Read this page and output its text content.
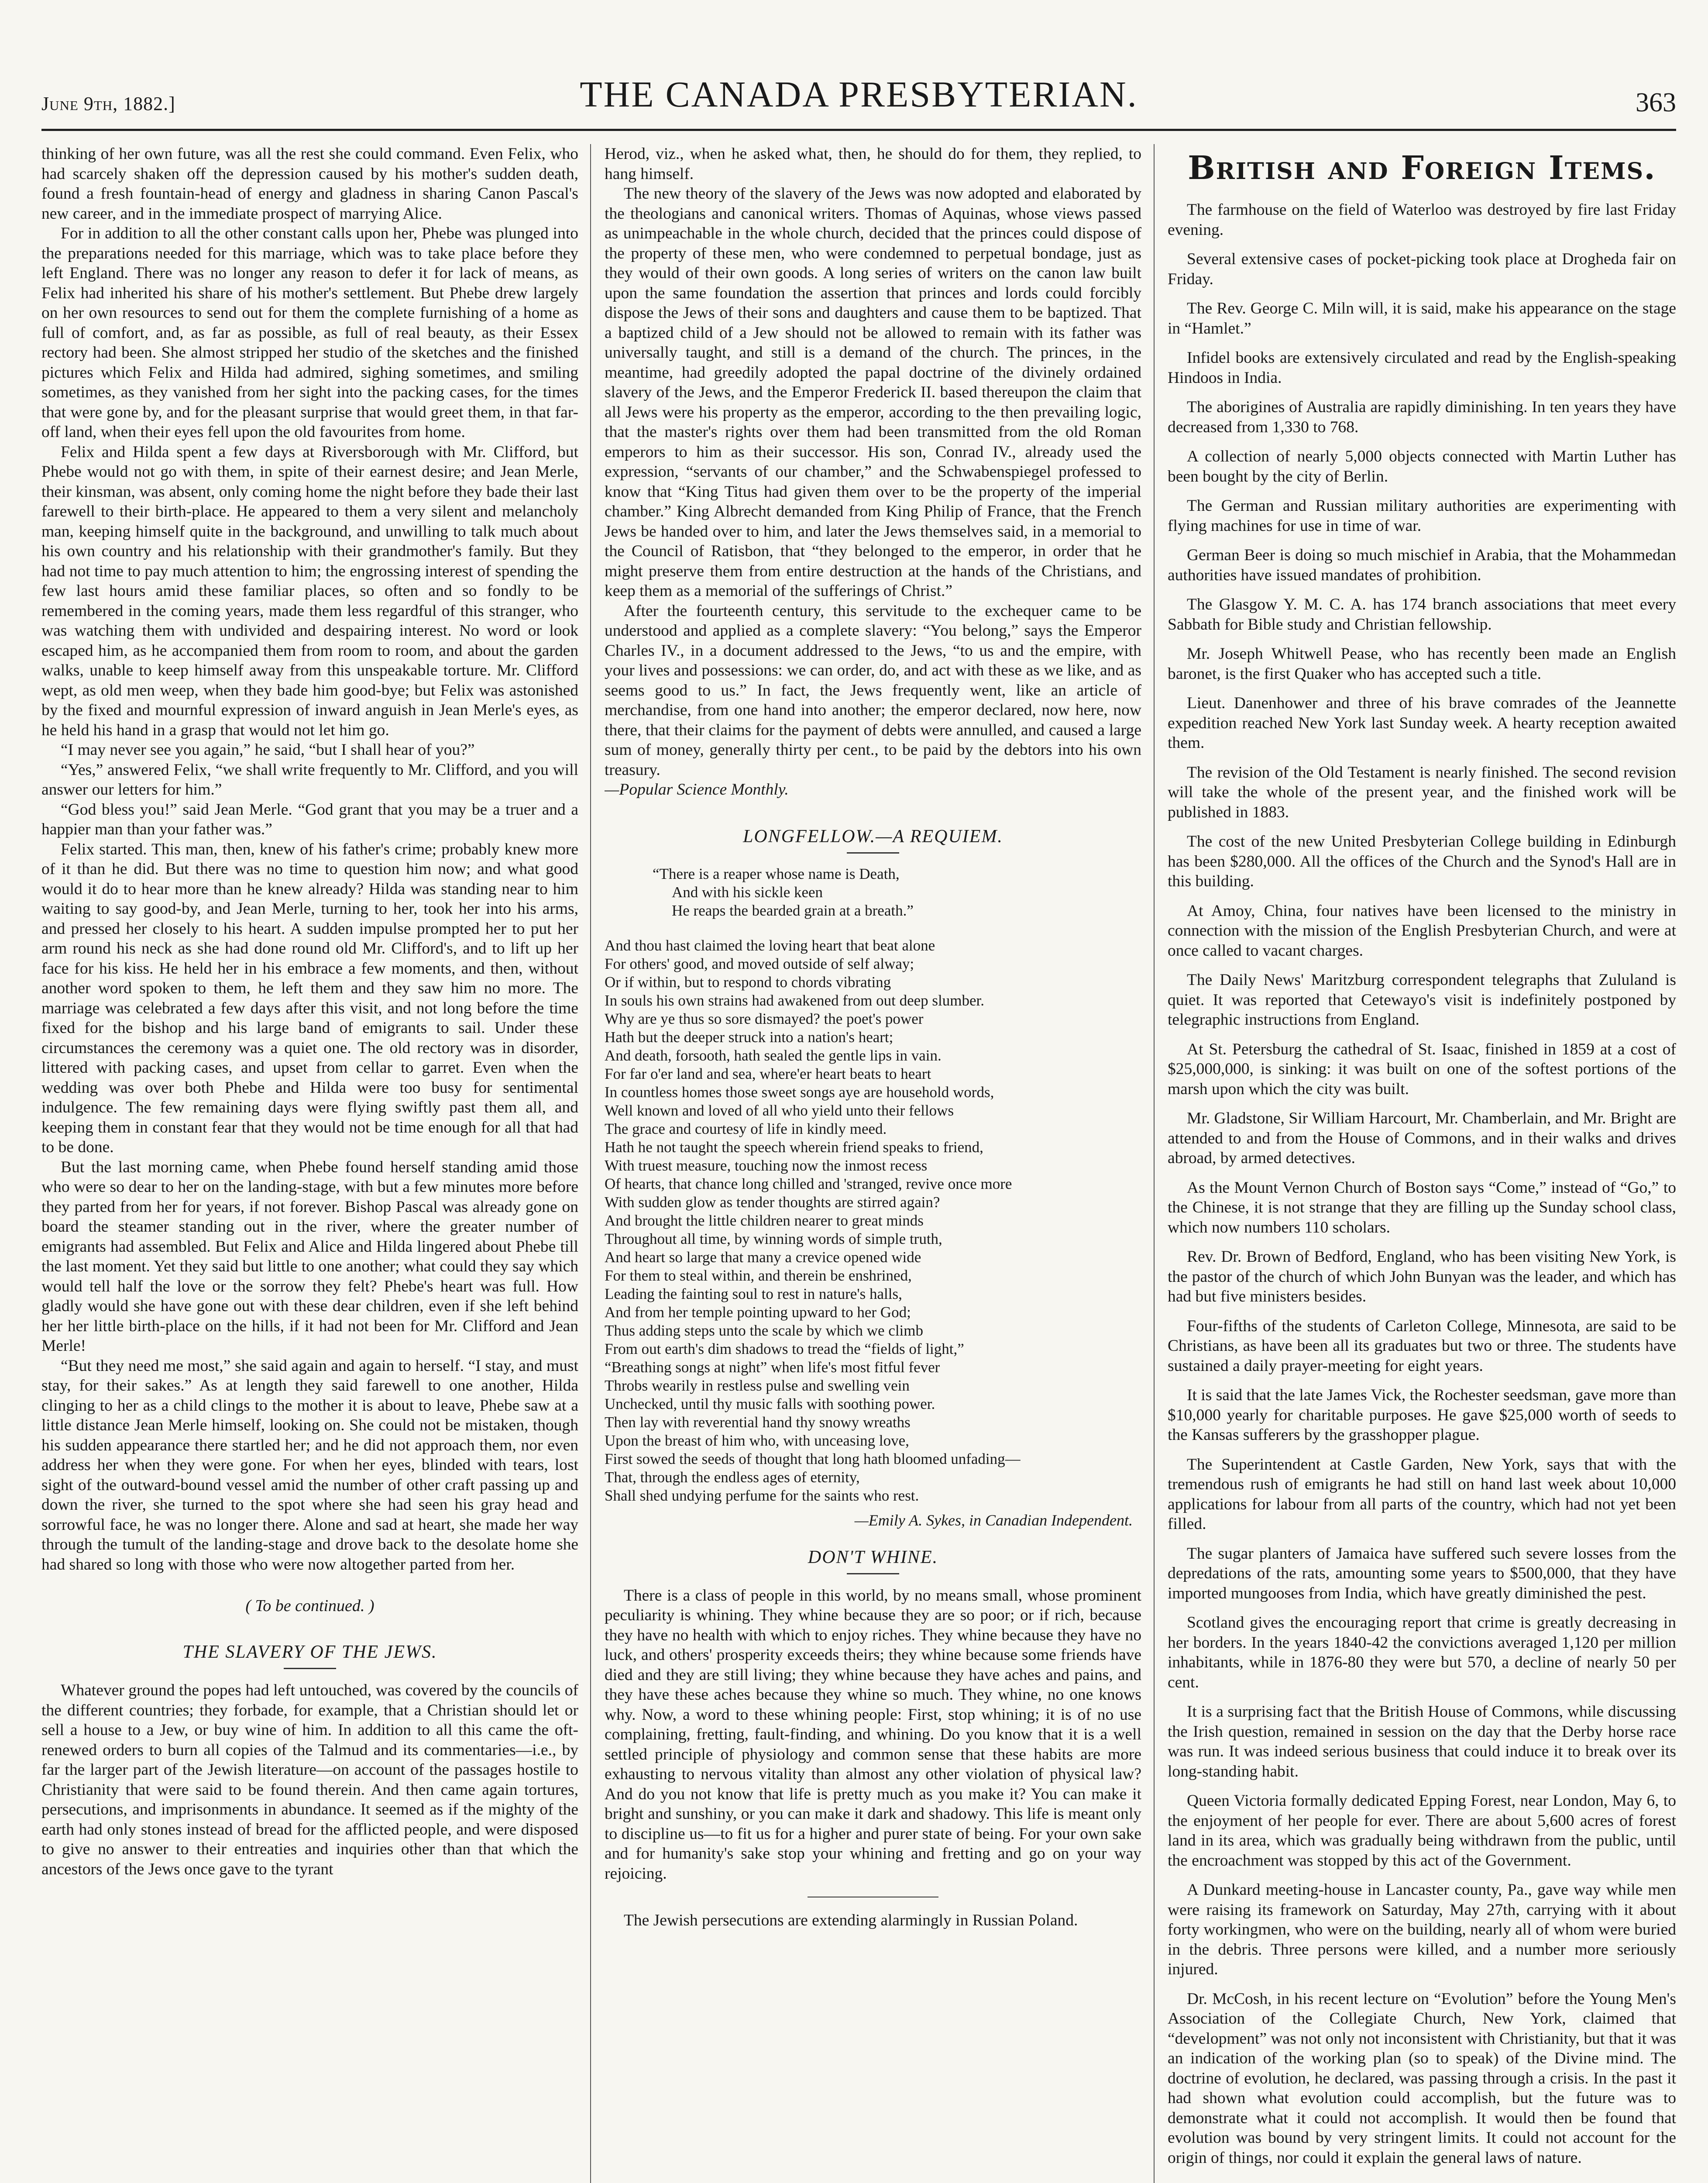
June 9th, 1882.]	THE CANADA PRESBYTERIAN.	363

thinking of her own future, was all the rest she could command. Even Felix, who had scarcely shaken off the depression caused by his mother's sudden death, found a fresh fountain-head of energy and gladness in sharing Canon Pascal's new career, and in the immediate prospect of marrying Alice.

For in addition to all the other constant calls upon her, Phebe was plunged into the preparations needed for this marriage, which was to take place before they left England. There was no longer any reason to defer it for lack of means, as Felix had inherited his share of his mother's settlement. But Phebe drew largely on her own resources to send out for them the complete furnishing of a home as full of comfort, and, as far as possible, as full of real beauty, as their Essex rectory had been. She almost stripped her studio of the sketches and the finished pictures which Felix and Hilda had admired, sighing sometimes, and smiling sometimes, as they vanished from her sight into the packing cases, for the times that were gone by, and for the pleasant surprise that would greet them, in that far-off land, when their eyes fell upon the old favourites from home.

Felix and Hilda spent a few days at Riversborough with Mr. Clifford, but Phebe would not go with them, in spite of their earnest desire; and Jean Merle, their kinsman, was absent, only coming home the night before they bade their last farewell to their birth-place. He appeared to them a very silent and melancholy man, keeping himself quite in the background, and unwilling to talk much about his own country and his relationship with their grandmother's family. But they had not time to pay much attention to him; the engrossing interest of spending the few last hours amid these familiar places, so often and so fondly to be remembered in the coming years, made them less regardful of this stranger, who was watching them with undivided and despairing interest. No word or look escaped him, as he accompanied them from room to room, and about the garden walks, unable to keep himself away from this unspeakable torture. Mr. Clifford wept, as old men weep, when they bade him good-bye; but Felix was astonished by the fixed and mournful expression of inward anguish in Jean Merle's eyes, as he held his hand in a grasp that would not let him go.

“I may never see you again,” he said, “but I shall hear of you?”

“Yes,” answered Felix, “we shall write frequently to Mr. Clifford, and you will answer our letters for him.”

“God bless you!” said Jean Merle. “God grant that you may be a truer and a happier man than your father was.”

Felix started. This man, then, knew of his father's crime; probably knew more of it than he did. But there was no time to question him now; and what good would it do to hear more than he knew already? Hilda was standing near to him waiting to say good-by, and Jean Merle, turning to her, took her into his arms, and pressed her closely to his heart. A sudden impulse prompted her to put her arm round his neck as she had done round old Mr. Clifford's, and to lift up her face for his kiss. He held her in his embrace a few moments, and then, without another word spoken to them, he left them and they saw him no more. The marriage was celebrated a few days after this visit, and not long before the time fixed for the bishop and his large band of emigrants to sail. Under these circumstances the ceremony was a quiet one. The old rectory was in disorder, littered with packing cases, and upset from cellar to garret. Even when the wedding was over both Phebe and Hilda were too busy for sentimental indulgence. The few remaining days were flying swiftly past them all, and keeping them in constant fear that they would not be time enough for all that had to be done.

But the last morning came, when Phebe found herself standing amid those who were so dear to her on the landing-stage, with but a few minutes more before they parted from her for years, if not forever. Bishop Pascal was already gone on board the steamer standing out in the river, where the greater number of emigrants had assembled. But Felix and Alice and Hilda lingered about Phebe till the last moment. Yet they said but little to one another; what could they say which would tell half the love or the sorrow they felt? Phebe's heart was full. How gladly would she have gone out with these dear children, even if she left behind her her little birth-place on the hills, if it had not been for Mr. Clifford and Jean Merle!

“But they need me most,” she said again and again to herself. “I stay, and must stay, for their sakes.” As at length they said farewell to one another, Hilda clinging to her as a child clings to the mother it is about to leave, Phebe saw at a little distance Jean Merle himself, looking on. She could not be mistaken, though his sudden appearance there startled her; and he did not approach them, nor even address her when they were gone. For when her eyes, blinded with tears, lost sight of the outward-bound vessel amid the number of other craft passing up and down the river, she turned to the spot where she had seen his gray head and sorrowful face, he was no longer there. Alone and sad at heart, she made her way through the tumult of the landing-stage and drove back to the desolate home she had shared so long with those who were now altogether parted from her.

( To be continued. )
THE SLAVERY OF THE JEWS.

Whatever ground the popes had left untouched, was covered by the councils of the different countries; they forbade, for example, that a Christian should let or sell a house to a Jew, or buy wine of him. In addition to all this came the oft-renewed orders to burn all copies of the Talmud and its commentaries—i.e., by far the larger part of the Jewish literature—on account of the passages hostile to Christianity that were said to be found therein. And then came again tortures, persecutions, and imprisonments in abundance. It seemed as if the mighty of the earth had only stones instead of bread for the afflicted people, and were disposed to give no answer to their entreaties and inquiries other than that which the ancestors of the Jews once gave to the tyrant

Herod, viz., when he asked what, then, he should do for them, they replied, to hang himself.

The new theory of the slavery of the Jews was now adopted and elaborated by the theologians and canonical writers. Thomas of Aquinas, whose views passed as unimpeachable in the whole church, decided that the princes could dispose of the property of these men, who were condemned to perpetual bondage, just as they would of their own goods. A long series of writers on the canon law built upon the same foundation the assertion that princes and lords could forcibly dispose the Jews of their sons and daughters and cause them to be baptized. That a baptized child of a Jew should not be allowed to remain with its father was universally taught, and still is a demand of the church. The princes, in the meantime, had greedily adopted the papal doctrine of the divinely ordained slavery of the Jews, and the Emperor Frederick II. based thereupon the claim that all Jews were his property as the emperor, according to the then prevailing logic, that the master's rights over them had been transmitted from the old Roman emperors to him as their successor. His son, Conrad IV., already used the expression, “servants of our chamber,” and the Schwabenspiegel professed to know that “King Titus had given them over to be the property of the imperial chamber.” King Albrecht demanded from King Philip of France, that the French Jews be handed over to him, and later the Jews themselves said, in a memorial to the Council of Ratisbon, that “they belonged to the emperor, in order that he might preserve them from entire destruction at the hands of the Christians, and keep them as a memorial of the sufferings of Christ.”

After the fourteenth century, this servitude to the exchequer came to be understood and applied as a complete slavery: “You belong,” says the Emperor Charles IV., in a document addressed to the Jews, “to us and the empire, with your lives and possessions: we can order, do, and act with these as we like, and as seems good to us.” In fact, the Jews frequently went, like an article of merchandise, from one hand into another; the emperor declared, now here, now there, that their claims for the payment of debts were annulled, and caused a large sum of money, generally thirty per cent., to be paid by the debtors into his own treasury.

—Popular Science Monthly.

LONGFELLOW.—A REQUIEM.

“There is a reaper whose name is Death,

And with his sickle keen

He reaps the bearded grain at a breath.”

And thou hast claimed the loving heart that beat alone

For others' good, and moved outside of self alway;

Or if within, but to respond to chords vibrating

In souls his own strains had awakened from out deep slumber.

Why are ye thus so sore dismayed? the poet's power

Hath but the deeper struck into a nation's heart;

And death, forsooth, hath sealed the gentle lips in vain.

For far o'er land and sea, where'er heart beats to heart

In countless homes those sweet songs aye are household words,

Well known and loved of all who yield unto their fellows

The grace and courtesy of life in kindly meed.

Hath he not taught the speech wherein friend speaks to friend,

With truest measure, touching now the inmost recess

Of hearts, that chance long chilled and 'stranged, revive once more

With sudden glow as tender thoughts are stirred again?

And brought the little children nearer to great minds

Throughout all time, by winning words of simple truth,

And heart so large that many a crevice opened wide

For them to steal within, and therein be enshrined,

Leading the fainting soul to rest in nature's halls,

And from her temple pointing upward to her God;

Thus adding steps unto the scale by which we climb

From out earth's dim shadows to tread the “fields of light,”

“Breathing songs at night” when life's most fitful fever

Throbs wearily in restless pulse and swelling vein

Unchecked, until thy music falls with soothing power.

Then lay with reverential hand thy snowy wreaths

Upon the breast of him who, with unceasing love,

First sowed the seeds of thought that long hath bloomed unfading—

That, through the endless ages of eternity,

Shall shed undying perfume for the saints who rest.

—Emily A. Sykes, in Canadian Independent.
DON'T WHINE.

There is a class of people in this world, by no means small, whose prominent peculiarity is whining. They whine because they are so poor; or if rich, because they have no health with which to enjoy riches. They whine because they have no luck, and others' prosperity exceeds theirs; they whine because some friends have died and they are still living; they whine because they have aches and pains, and they have these aches because they whine so much. They whine, no one knows why. Now, a word to these whining people: First, stop whining; it is of no use complaining, fretting, fault-finding, and whining. Do you know that it is a well settled principle of physiology and common sense that these habits are more exhausting to nervous vitality than almost any other violation of physical law? And do you not know that life is pretty much as you make it? You can make it bright and sunshiny, or you can make it dark and shadowy. This life is meant only to discipline us—to fit us for a higher and purer state of being. For your own sake and for humanity's sake stop your whining and fretting and go on your way rejoicing.

The Jewish persecutions are extending alarmingly in Russian Poland.

British and Foreign Items.

The farmhouse on the field of Waterloo was destroyed by fire last Friday evening.

Several extensive cases of pocket-picking took place at Drogheda fair on Friday.

The Rev. George C. Miln will, it is said, make his appearance on the stage in “Hamlet.”

Infidel books are extensively circulated and read by the English-speaking Hindoos in India.

The aborigines of Australia are rapidly diminishing. In ten years they have decreased from 1,330 to 768.

A collection of nearly 5,000 objects connected with Martin Luther has been bought by the city of Berlin.

The German and Russian military authorities are experimenting with flying machines for use in time of war.

German Beer is doing so much mischief in Arabia, that the Mohammedan authorities have issued mandates of prohibition.

The Glasgow Y. M. C. A. has 174 branch associations that meet every Sabbath for Bible study and Christian fellowship.

Mr. Joseph Whitwell Pease, who has recently been made an English baronet, is the first Quaker who has accepted such a title.

Lieut. Danenhower and three of his brave comrades of the Jeannette expedition reached New York last Sunday week. A hearty reception awaited them.

The revision of the Old Testament is nearly finished. The second revision will take the whole of the present year, and the finished work will be published in 1883.

The cost of the new United Presbyterian College building in Edinburgh has been $280,000. All the offices of the Church and the Synod's Hall are in this building.

At Amoy, China, four natives have been licensed to the ministry in connection with the mission of the English Presbyterian Church, and were at once called to vacant charges.

The Daily News' Maritzburg correspondent telegraphs that Zululand is quiet. It was reported that Cetewayo's visit is indefinitely postponed by telegraphic instructions from England.

At St. Petersburg the cathedral of St. Isaac, finished in 1859 at a cost of $25,000,000, is sinking: it was built on one of the softest portions of the marsh upon which the city was built.

Mr. Gladstone, Sir William Harcourt, Mr. Chamberlain, and Mr. Bright are attended to and from the House of Commons, and in their walks and drives abroad, by armed detectives.

As the Mount Vernon Church of Boston says “Come,” instead of “Go,” to the Chinese, it is not strange that they are filling up the Sunday school class, which now numbers 110 scholars.

Rev. Dr. Brown of Bedford, England, who has been visiting New York, is the pastor of the church of which John Bunyan was the leader, and which has had but five ministers besides.

Four-fifths of the students of Carleton College, Minnesota, are said to be Christians, as have been all its graduates but two or three. The students have sustained a daily prayer-meeting for eight years.

It is said that the late James Vick, the Rochester seedsman, gave more than $10,000 yearly for charitable purposes. He gave $25,000 worth of seeds to the Kansas sufferers by the grasshopper plague.

The Superintendent at Castle Garden, New York, says that with the tremendous rush of emigrants he had still on hand last week about 10,000 applications for labour from all parts of the country, which had not yet been filled.

The sugar planters of Jamaica have suffered such severe losses from the depredations of the rats, amounting some years to $500,000, that they have imported mungooses from India, which have greatly diminished the pest.

Scotland gives the encouraging report that crime is greatly decreasing in her borders. In the years 1840-42 the convictions averaged 1,120 per million inhabitants, while in 1876-80 they were but 570, a decline of nearly 50 per cent.

It is a surprising fact that the British House of Commons, while discussing the Irish question, remained in session on the day that the Derby horse race was run. It was indeed serious business that could induce it to break over its long-standing habit.

Queen Victoria formally dedicated Epping Forest, near London, May 6, to the enjoyment of her people for ever. There are about 5,600 acres of forest land in its area, which was gradually being withdrawn from the public, until the encroachment was stopped by this act of the Government.

A Dunkard meeting-house in Lancaster county, Pa., gave way while men were raising its framework on Saturday, May 27th, carrying with it about forty workingmen, who were on the building, nearly all of whom were buried in the debris. Three persons were killed, and a number more seriously injured.

Dr. McCosh, in his recent lecture on “Evolution” before the Young Men's Association of the Collegiate Church, New York, claimed that “development” was not only not inconsistent with Christianity, but that it was an indication of the working plan (so to speak) of the Divine mind. The doctrine of evolution, he declared, was passing through a crisis. In the past it had shown what evolution could accomplish, but the future was to demonstrate what it could not accomplish. It would then be found that evolution was bound by very stringent limits. It could not account for the origin of things, nor could it explain the general laws of nature.
